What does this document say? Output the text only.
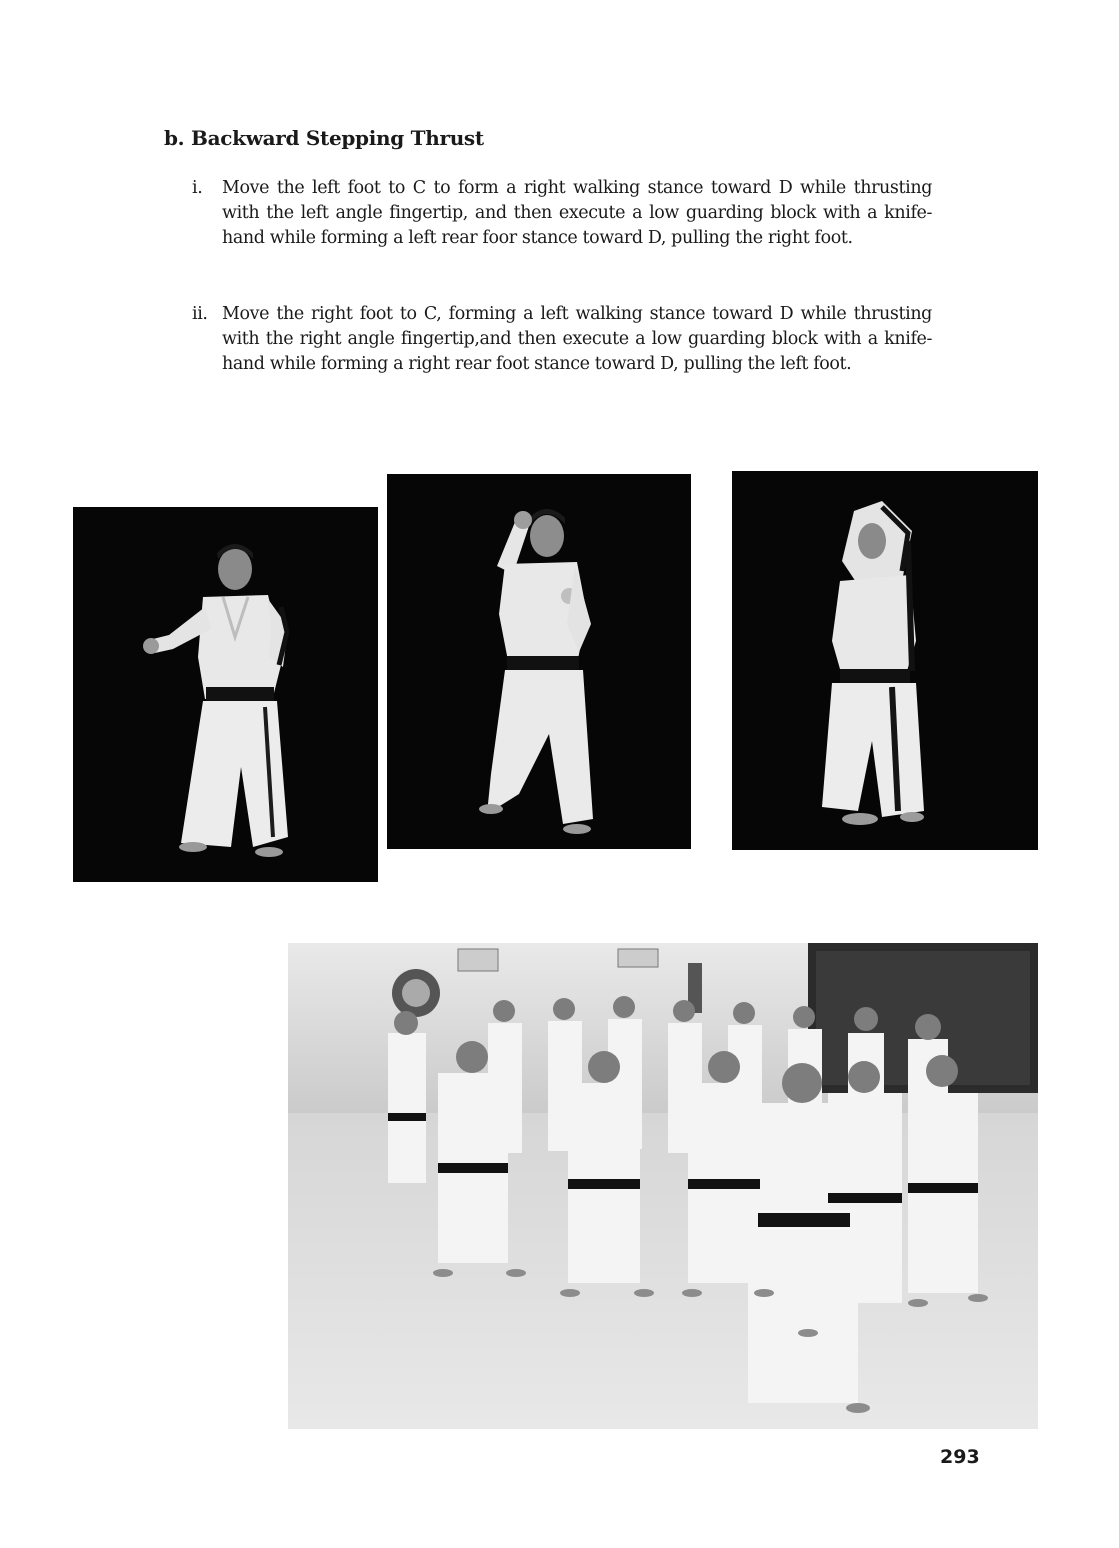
b. Backward Stepping Thrust
i.	Move the left foot to C to form a right walking stance toward D while thrusting with the left angle fingertip, and then execute a low guarding block with a knife-hand while forming a left rear foor stance toward D, pulling the right foot.
ii. Move the right foot to C, forming a left walking stance toward D while thrusting with the right angle fingertip,and then execute a low guarding block with a knife-hand while forming a right rear foot stance toward D, pulling the left foot.

293
